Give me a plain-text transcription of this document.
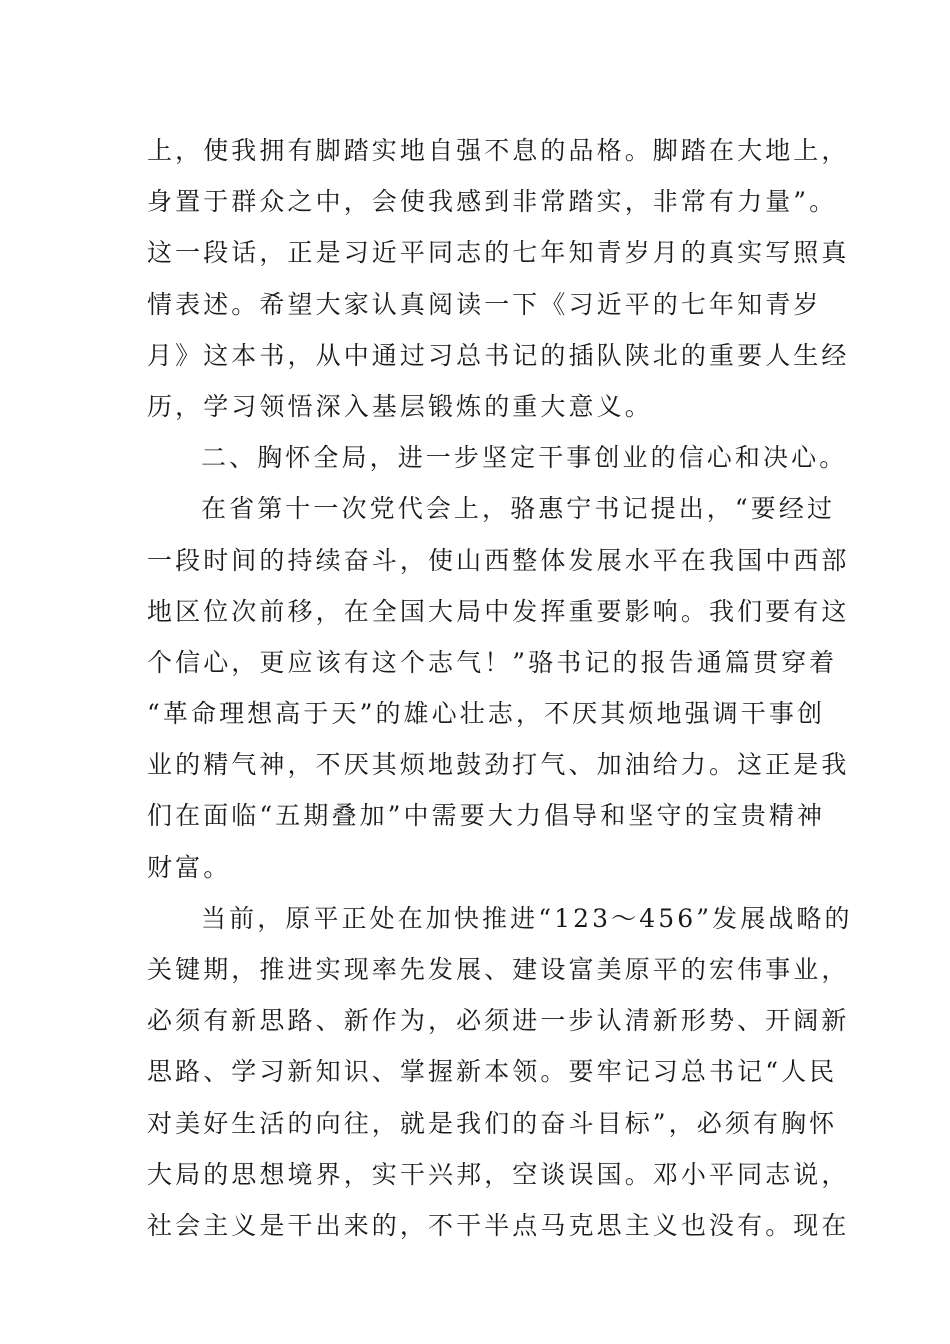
上，使我拥有脚踏实地自强不息的品格。脚踏在大地上，
身置于群众之中，会使我感到非常踏实，非常有力量”。
这一段话，正是习近平同志的七年知青岁月的真实写照真
情表述。希望大家认真阅读一下《习近平的七年知青岁
月》这本书，从中通过习总书记的插队陕北的重要人生经
历，学习领悟深入基层锻炼的重大意义。
二、胸怀全局，进一步坚定干事创业的信心和决心。
在省第十一次党代会上，骆惠宁书记提出，“要经过
一段时间的持续奋斗，使山西整体发展水平在我国中西部
地区位次前移，在全国大局中发挥重要影响。我们要有这
个信心，更应该有这个志气！”骆书记的报告通篇贯穿着
“革命理想高于天”的雄心壮志，不厌其烦地强调干事创
业的精气神，不厌其烦地鼓劲打气、加油给力。这正是我
们在面临“五期叠加”中需要大力倡导和坚守的宝贵精神
财富。
当前，原平正处在加快推进“123～456”发展战略的
关键期，推进实现率先发展、建设富美原平的宏伟事业，
必须有新思路、新作为，必须进一步认清新形势、开阔新
思路、学习新知识、掌握新本领。要牢记习总书记“人民
对美好生活的向往，就是我们的奋斗目标”，必须有胸怀
大局的思想境界，实干兴邦，空谈误国。邓小平同志说，
社会主义是干出来的，不干半点马克思主义也没有。现在
